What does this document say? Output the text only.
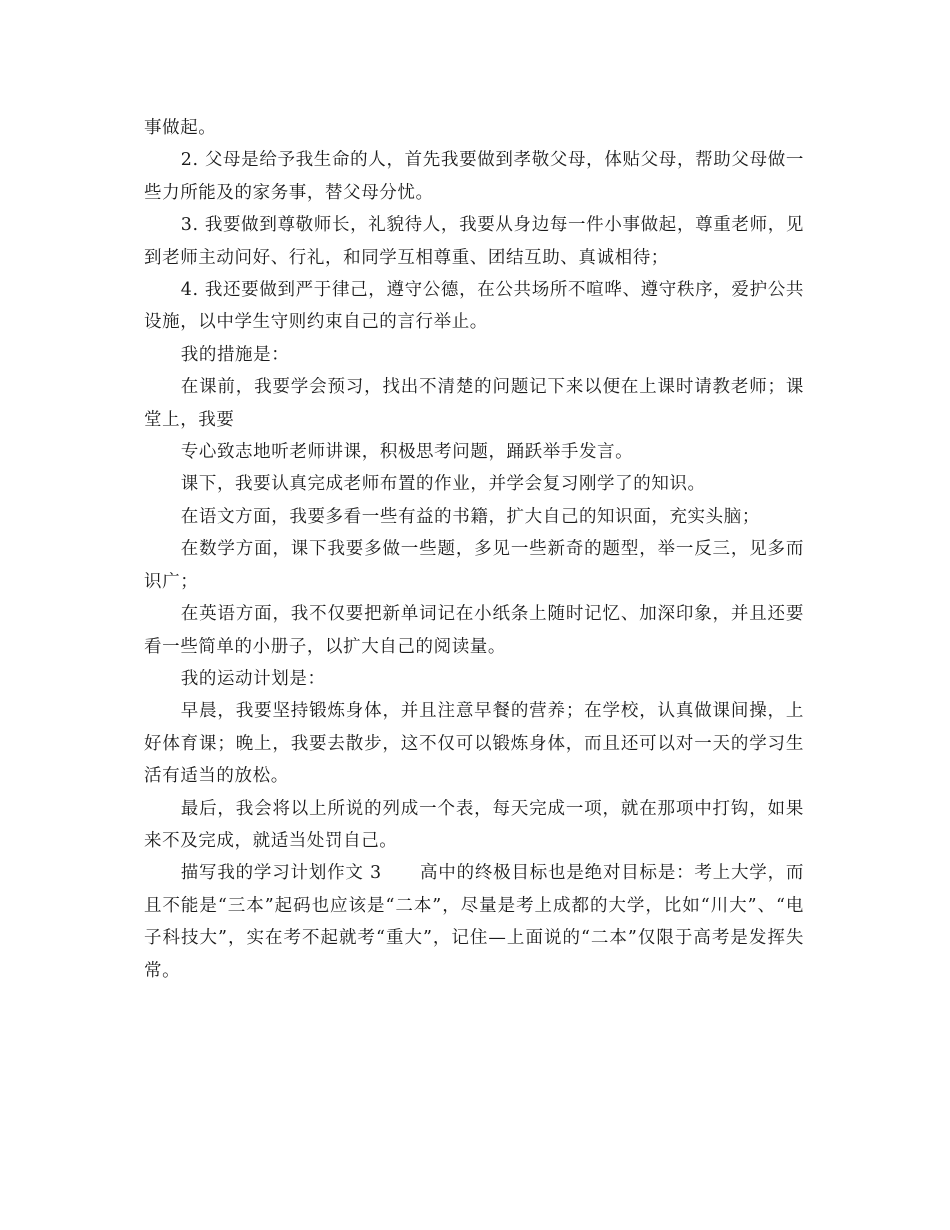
事做起。

2. 父母是给予我生命的人，首先我要做到孝敬父母，体贴父母，帮助父母做一些力所能及的家务事，替父母分忧。

3. 我要做到尊敬师长，礼貌待人，我要从身边每一件小事做起，尊重老师，见到老师主动问好、行礼，和同学互相尊重、团结互助、真诚相待；

4. 我还要做到严于律己，遵守公德，在公共场所不喧哗、遵守秩序，爱护公共设施，以中学生守则约束自己的言行举止。

我的措施是：

在课前，我要学会预习，找出不清楚的问题记下来以便在上课时请教老师；课堂上，我要

专心致志地听老师讲课，积极思考问题，踊跃举手发言。

课下，我要认真完成老师布置的作业，并学会复习刚学了的知识。

在语文方面，我要多看一些有益的书籍，扩大自己的知识面，充实头脑；

在数学方面，课下我要多做一些题，多见一些新奇的题型，举一反三，见多而识广；

在英语方面，我不仅要把新单词记在小纸条上随时记忆、加深印象，并且还要看一些简单的小册子，以扩大自己的阅读量。

我的运动计划是：

早晨，我要坚持锻炼身体，并且注意早餐的营养；在学校，认真做课间操，上好体育课；晚上，我要去散步，这不仅可以锻炼身体，而且还可以对一天的学习生活有适当的放松。

最后，我会将以上所说的列成一个表，每天完成一项，就在那项中打钩，如果来不及完成，就适当处罚自己。

描写我的学习计划作文 3 高中的终极目标也是绝对目标是：考上大学，而且不能是“三本”起码也应该是“二本”，尽量是考上成都的大学，比如“川大”、“电子科技大”，实在考不起就考“重大”，记住—上面说的“二本”仅限于高考是发挥失常。
